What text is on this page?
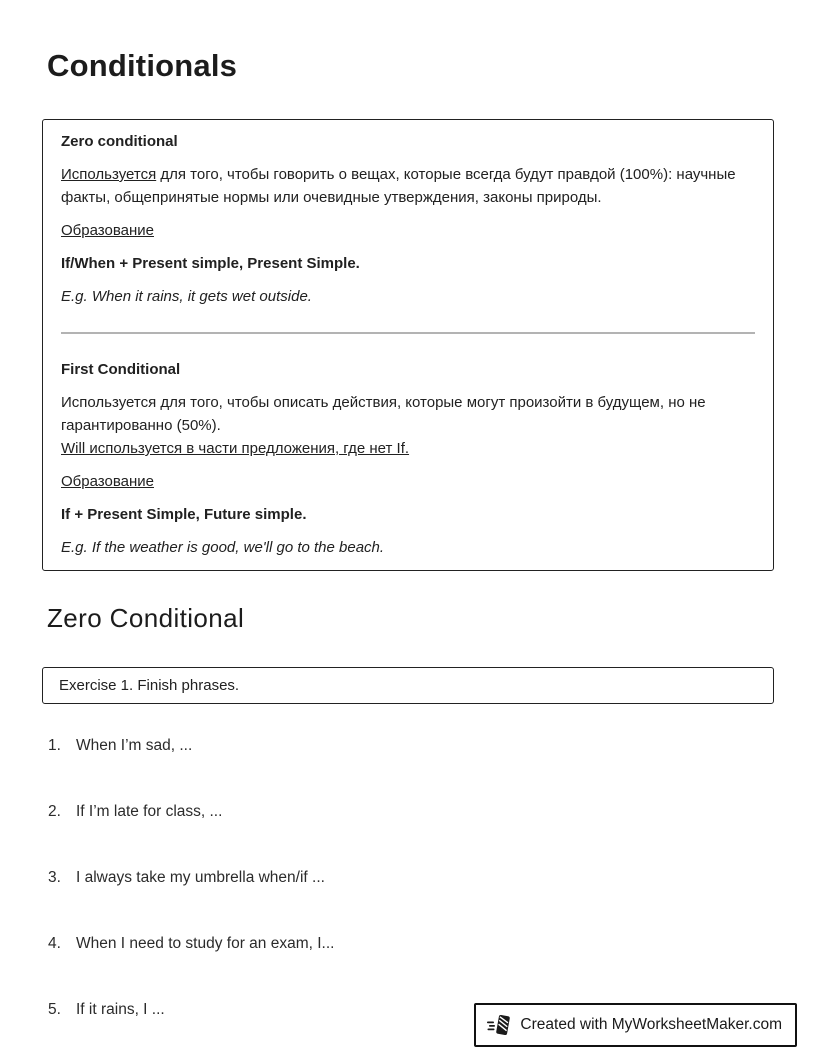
Conditionals

Zero conditional

Используется для того, чтобы говорить о вещах, которые всегда будут правдой (100%): научные факты, общепринятые нормы или очевидные утверждения, законы природы.

Образование

If/When + Present simple, Present Simple.

E.g. When it rains, it gets wet outside.

First Conditional

Используется для того, чтобы описать действия, которые могут произойти в будущем, но не гарантированно (50%).
Will используется в части предложения, где нет If.

Образование

If + Present Simple, Future simple.

E.g. If the weather is good, we'll go to the beach.

Zero Conditional

Exercise 1. Finish phrases.

1. When I’m sad, ...
2. If I’m late for class, ...
3. I always take my umbrella when/if ...
4. When I need to study for an exam, I...
5. If it rains, I ...
Created with MyWorksheetMaker.com
